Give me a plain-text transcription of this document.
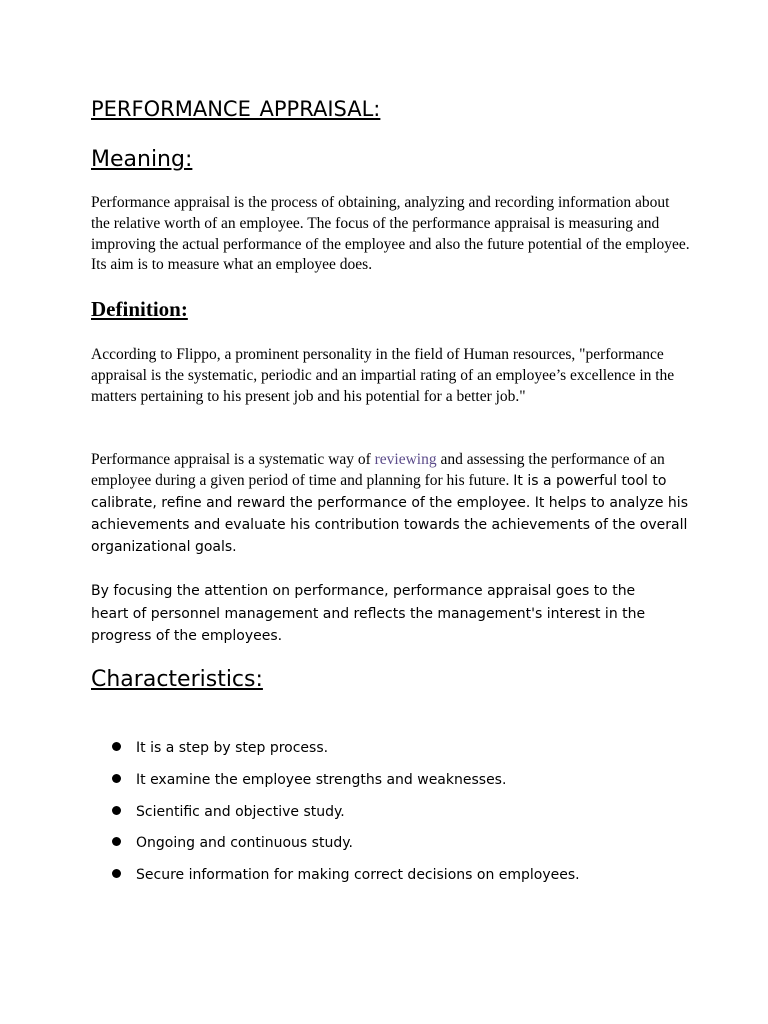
PERFORMANCE APPRAISAL:
Meaning:

Performance appraisal is the process of obtaining, analyzing and recording information about the relative worth of an employee. The focus of the performance appraisal is measuring and improving the actual performance of the employee and also the future potential of the employee. Its aim is to measure what an employee does.

Definition:

According to Flippo, a prominent personality in the field of Human resources, "performance appraisal is the systematic, periodic and an impartial rating of an employee’s excellence in the matters pertaining to his present job and his potential for a better job."

Performance appraisal is a systematic way of reviewing and assessing the performance of an employee during a given period of time and planning for his future. It is a powerful tool to calibrate, refine and reward the performance of the employee. It helps to analyze his achievements and evaluate his contribution towards the achievements of the overall organizational goals.

By focusing the attention on performance, performance appraisal goes to the heart of personnel management and reflects the management's interest in the progress of the employees.

Characteristics:
It is a step by step process.
It examine the employee strengths and weaknesses.
Scientific and objective study.
Ongoing and continuous study.
Secure information for making correct decisions on employees.
